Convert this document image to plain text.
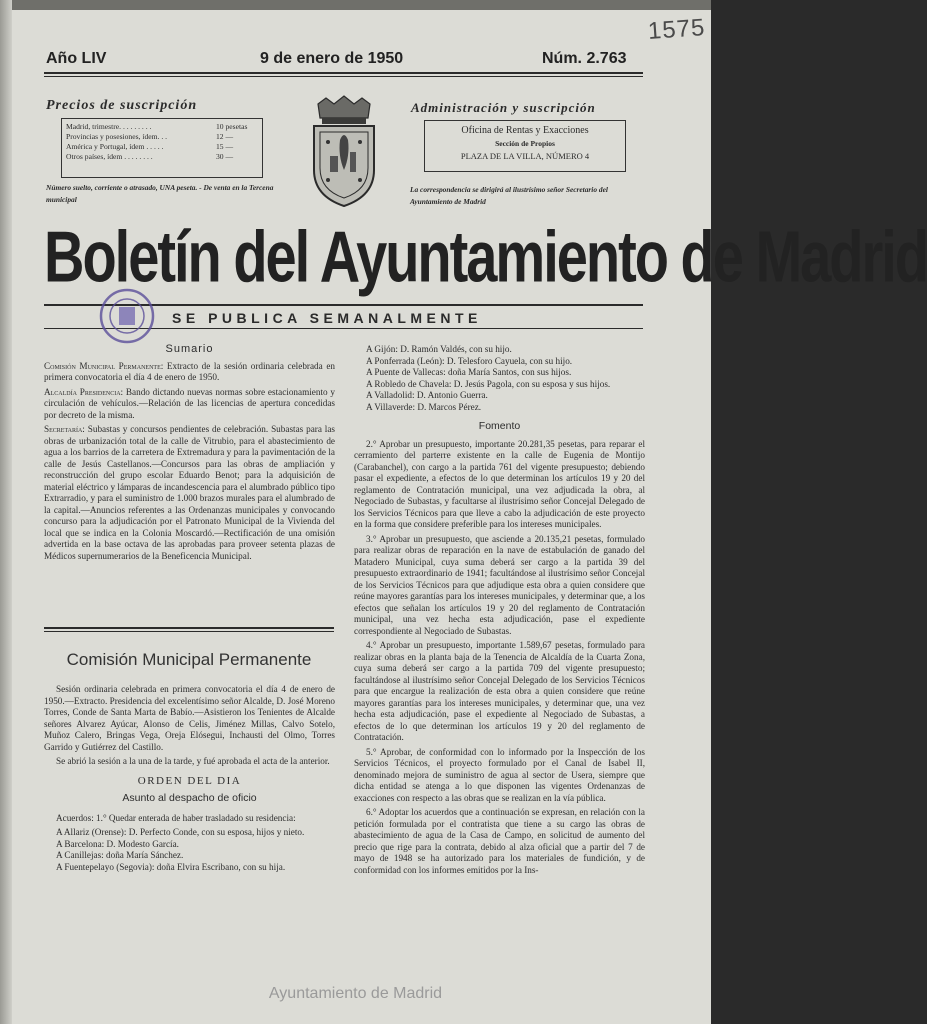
1575
Año LIV	9 de enero de 1950	Núm. 2.763
Precios de suscripción
Madrid, trimestre. . . . . . . . .	10 pesetas
Provincias y posesiones, ídem. . .	12 —
América y Portugal, ídem . . . . .	15 —
Otros países, ídem . . . . . . . .	30 —
Número suelto, corriente o atrasado, UNA peseta. - De venta en la Tercena municipal
Administración y suscripción
Oficina de Rentas y Exacciones
Sección de Propios
PLAZA DE LA VILLA, NÚMERO 4
La correspondencia se dirigirá al ilustrísimo señor Secretario del Ayuntamiento de Madrid
Boletín del Ayuntamiento de Madrid
SE PUBLICA SEMANALMENTE
Sumario

Comisión Municipal Permanente: Extracto de la sesión ordinaria celebrada en primera convocatoria el día 4 de enero de 1950.

Alcaldía Presidencia: Bando dictando nuevas normas sobre estacionamiento y circulación de vehículos.—Relación de las licencias de apertura concedidas por decreto de la misma.

Secretaría: Subastas y concursos pendientes de celebración. Subastas para las obras de urbanización total de la calle de Vitrubio, para el abastecimiento de agua a los barrios de la carretera de Extremadura y para la pavimentación de la calle de Jesús Castellanos.—Concursos para las obras de ampliación y reconstrucción del grupo escolar Eduardo Benot; para la adquisición de material eléctrico y lámparas de incandescencia para el alumbrado público tipo Extrarradio, y para el suministro de 1.000 brazos murales para el alumbrado de la capital.—Anuncios referentes a las Ordenanzas municipales y convocando concurso para la adjudicación por el Patronato Municipal de la Vivienda del local que se indica en la Colonia Moscardó.—Rectificación de una omisión advertida en la base octava de las aprobadas para proveer setenta plazas de Médicos supernumerarios de la Beneficencia Municipal.

Comisión Municipal Permanente

Sesión ordinaria celebrada en primera convocatoria el día 4 de enero de 1950.—Extracto. Presidencia del excelentísimo señor Alcalde, D. José Moreno Torres, Conde de Santa Marta de Babío.—Asistieron los Tenientes de Alcalde señores Alvarez Ayúcar, Alonso de Celis, Jiménez Millas, Calvo Sotelo, Muñoz Calero, Bringas Vega, Oreja Elósegui, Inchausti del Olmo, Torres Garrido y Gutiérrez del Castillo.

Se abrió la sesión a la una de la tarde, y fué aprobada el acta de la anterior.

ORDEN DEL DIA
Asunto al despacho de oficio

Acuerdos: 1.° Quedar enterada de haber trasladado su residencia:

A Allariz (Orense): D. Perfecto Conde, con su esposa, hijos y nieto.

A Barcelona: D. Modesto García.

A Canillejas: doña María Sánchez.

A Fuentepelayo (Segovia): doña Elvira Escribano, con su hija.

A Gijón: D. Ramón Valdés, con su hijo.

A Ponferrada (León): D. Telesforo Cayuela, con su hijo.

A Puente de Vallecas: doña María Santos, con sus hijos.

A Robledo de Chavela: D. Jesús Pagola, con su esposa y sus hijos.

A Valladolid: D. Antonio Guerra.

A Villaverde: D. Marcos Pérez.

Fomento

2.° Aprobar un presupuesto, importante 20.281,35 pesetas, para reparar el cerramiento del parterre existente en la calle de Eugenia de Montijo (Carabanchel), con cargo a la partida 761 del vigente presupuesto; debiendo pasar el expediente, a efectos de lo que determinan los artículos 19 y 20 del reglamento de Contratación municipal, una vez adjudicada la obra, al Negociado de Subastas, y facultarse al ilustrísimo señor Concejal Delegado de los Servicios Técnicos para que lleve a cabo la adjudicación de este proyecto en la forma que considere preferible para los intereses municipales.

3.° Aprobar un presupuesto, que asciende a 20.135,21 pesetas, formulado para realizar obras de reparación en la nave de estabulación de ganado del Matadero Municipal, cuya suma deberá ser cargo a la partida 39 del presupuesto extraordinario de 1941; facultándose al ilustrísimo señor Concejal de los Servicios Técnicos para que adjudique esta obra a quien considere que reúne mayores garantías para los intereses municipales, y determinar que, a los efectos que señalan los artículos 19 y 20 del reglamento de Contratación municipal, una vez hecha esta adjudicación, pase el expediente correspondiente al Negociado de Subastas.

4.° Aprobar un presupuesto, importante 1.589,67 pesetas, formulado para realizar obras en la planta baja de la Tenencia de Alcaldía de la Cuarta Zona, cuya suma deberá ser cargo a la partida 709 del vigente presupuesto; facultándose al ilustrísimo señor Concejal Delegado de los Servicios Técnicos para que encargue la realización de esta obra a quien considere que reúne mayores garantías para los intereses municipales, y determinar que, una vez hecha esta adjudicación, pase el expediente al Negociado de Subastas, a efectos de lo que determinan los artículos 19 y 20 del reglamento de Contratación.

5.° Aprobar, de conformidad con lo informado por la Inspección de los Servicios Técnicos, el proyecto formulado por el Canal de Isabel II, denominado mejora de suministro de agua al sector de Usera, siempre que dicha entidad se atenga a lo que disponen las vigentes Ordenanzas de exacciones con respecto a las obras que se realizan en la vía pública.

6.° Adoptar los acuerdos que a continuación se expresan, en relación con la petición formulada por el contratista que tiene a su cargo las obras de abastecimiento de agua de la Casa de Campo, en solicitud de aumento del precio que rige para la contrata, debido al alza oficial que a partir del 7 de mayo de 1948 se ha autorizado para los materiales de fundición, y de conformidad con los informes emitidos por la Ins-

Ayuntamiento de Madrid
